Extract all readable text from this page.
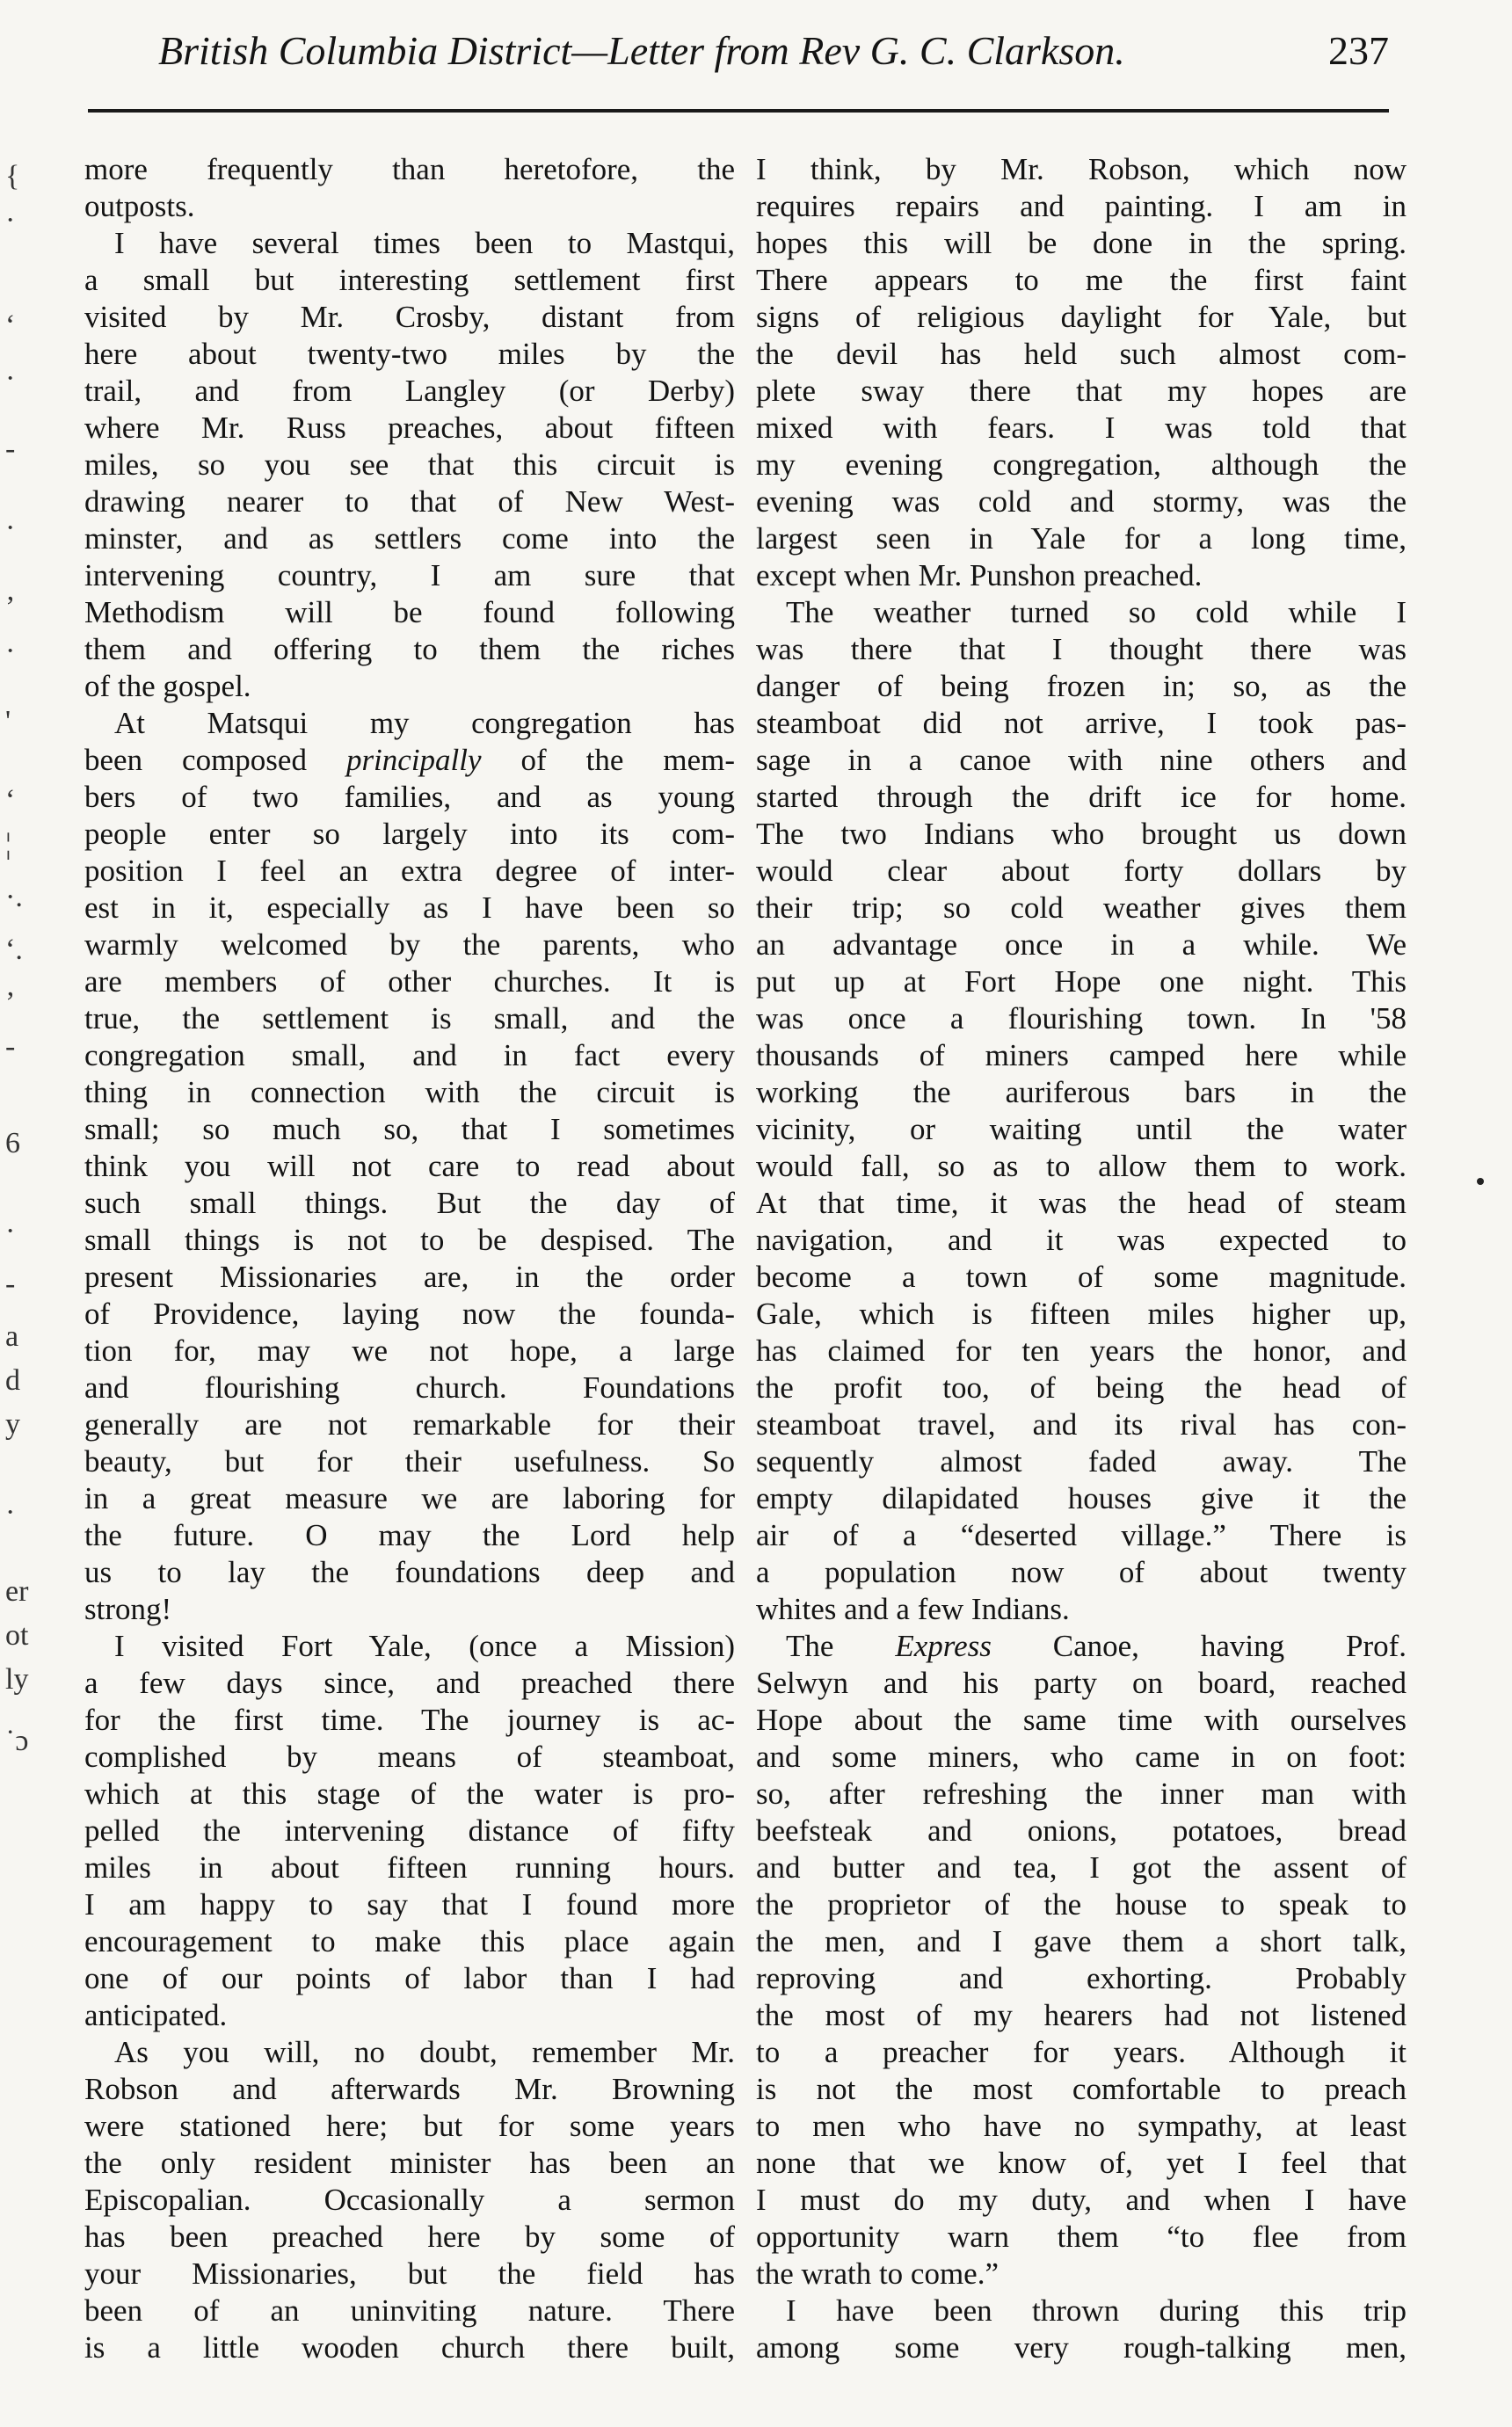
British Columbia District—Letter from Rev G. C. Clarkson.	237
{
·
‘
·
-
·
’
·
'
‘
¦
·.
‘.
’
-
6
·
-
a
d
y
·
er
ot
ly
˙ɔ
more frequently than heretofore, the
outposts.
I have several times been to Mastqui,
a small but interesting settlement first
visited by Mr. Crosby, distant from
here about twenty-two miles by the
trail, and from Langley (or Derby)
where Mr. Russ preaches, about fifteen
miles, so you see that this circuit is
drawing nearer to that of New West-
minster, and as settlers come into the
intervening country, I am sure that
Methodism will be found following
them and offering to them the riches
of the gospel.
At Matsqui my congregation has
been composed principally of the mem-
bers of two families, and as young
people enter so largely into its com-
position I feel an extra degree of inter-
est in it, especially as I have been so
warmly welcomed by the parents, who
are members of other churches. It is
true, the settlement is small, and the
congregation small, and in fact every
thing in connection with the circuit is
small; so much so, that I sometimes
think you will not care to read about
such small things. But the day of
small things is not to be despised. The
present Missionaries are, in the order
of Providence, laying now the founda-
tion for, may we not hope, a large
and flourishing church. Foundations
generally are not remarkable for their
beauty, but for their usefulness. So
in a great measure we are laboring for
the future. O may the Lord help
us to lay the foundations deep and
strong!
I visited Fort Yale, (once a Mission)
a few days since, and preached there
for the first time. The journey is ac-
complished by means of steamboat,
which at this stage of the water is pro-
pelled the intervening distance of fifty
miles in about fifteen running hours.
I am happy to say that I found more
encouragement to make this place again
one of our points of labor than I had
anticipated.
As you will, no doubt, remember Mr.
Robson and afterwards Mr. Browning
were stationed here; but for some years
the only resident minister has been an
Episcopalian. Occasionally a sermon
has been preached here by some of
your Missionaries, but the field has
been of an uninviting nature. There
is a little wooden church there built,
I think, by Mr. Robson, which now
requires repairs and painting. I am in
hopes this will be done in the spring.
There appears to me the first faint
signs of religious daylight for Yale, but
the devil has held such almost com-
plete sway there that my hopes are
mixed with fears. I was told that
my evening congregation, although the
evening was cold and stormy, was the
largest seen in Yale for a long time,
except when Mr. Punshon preached.
The weather turned so cold while I
was there that I thought there was
danger of being frozen in; so, as the
steamboat did not arrive, I took pas-
sage in a canoe with nine others and
started through the drift ice for home.
The two Indians who brought us down
would clear about forty dollars by
their trip; so cold weather gives them
an advantage once in a while. We
put up at Fort Hope one night. This
was once a flourishing town. In '58
thousands of miners camped here while
working the auriferous bars in the
vicinity, or waiting until the water
would fall, so as to allow them to work.
At that time, it was the head of steam
navigation, and it was expected to
become a town of some magnitude.
Gale, which is fifteen miles higher up,
has claimed for ten years the honor, and
the profit too, of being the head of
steamboat travel, and its rival has con-
sequently almost faded away. The
empty dilapidated houses give it the
air of a “deserted village.” There is
a population now of about twenty
whites and a few Indians.
The Express Canoe, having Prof.
Selwyn and his party on board, reached
Hope about the same time with ourselves
and some miners, who came in on foot:
so, after refreshing the inner man with
beefsteak and onions, potatoes, bread
and butter and tea, I got the assent of
the proprietor of the house to speak to
the men, and I gave them a short talk,
reproving and exhorting. Probably
the most of my hearers had not listened
to a preacher for years. Although it
is not the most comfortable to preach
to men who have no sympathy, at least
none that we know of, yet I feel that
I must do my duty, and when I have
opportunity warn them “to flee from
the wrath to come.”
I have been thrown during this trip
among some very rough-talking men,
